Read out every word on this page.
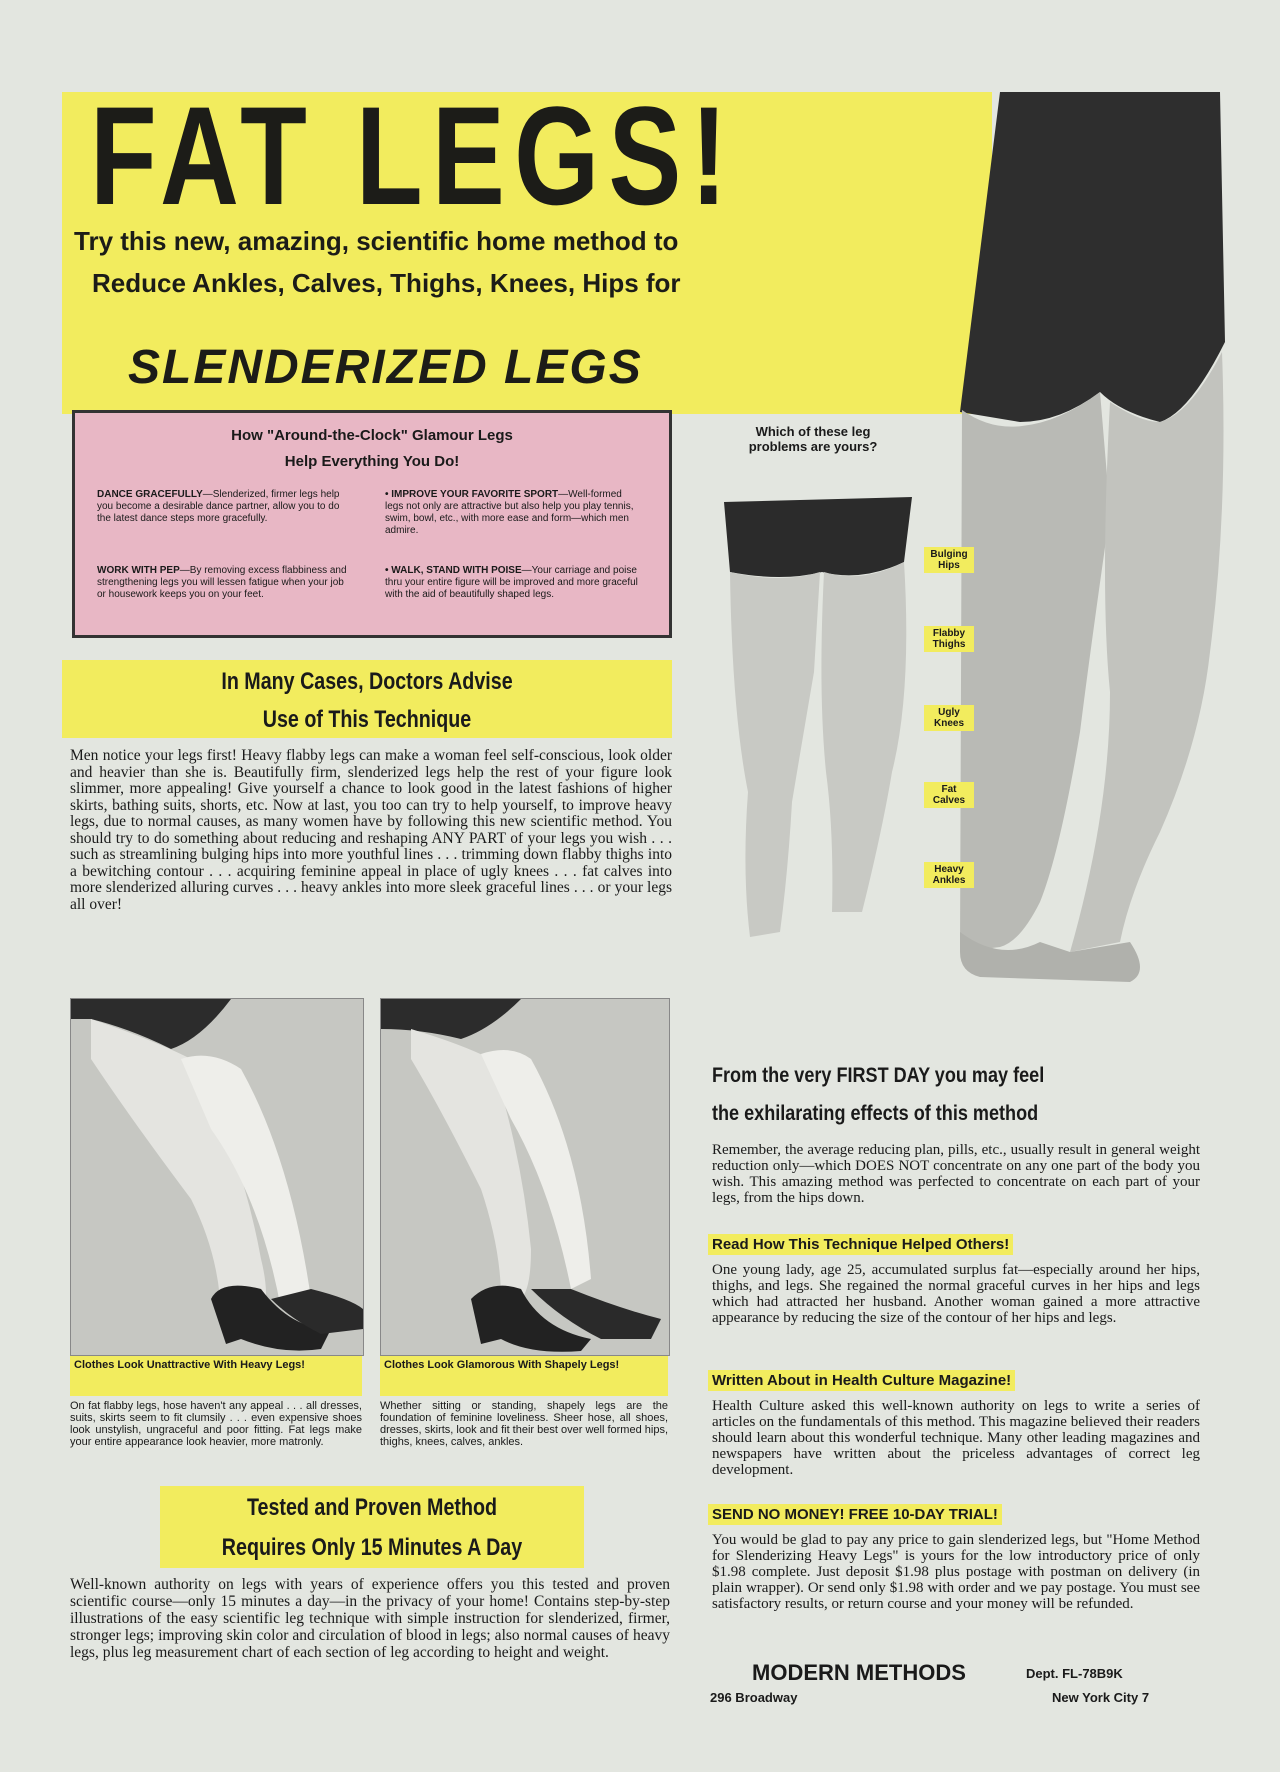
FAT LEGS!
Try this new, amazing, scientific home method to
Reduce Ankles, Calves, Thighs, Knees, Hips for
SLENDERIZED LEGS
Which of these leg problems are yours?
Bulging Hips
Flabby Thighs
Ugly Knees
Fat Calves
Heavy Ankles
How "Around-the-Clock" Glamour Legs
Help Everything You Do!
DANCE GRACEFULLY—Slenderized, firmer legs help you become a desirable dance partner, allow you to do the latest dance steps more gracefully.
WORK WITH PEP—By removing excess flabbiness and strengthening legs you will lessen fatigue when your job or housework keeps you on your feet.
• IMPROVE YOUR FAVORITE SPORT—Well-formed legs not only are attractive but also help you play tennis, swim, bowl, etc., with more ease and form—which men admire.
• WALK, STAND WITH POISE—Your carriage and poise thru your entire figure will be improved and more graceful with the aid of beautifully shaped legs.
In Many Cases, Doctors Advise
Use of This Technique
Men notice your legs first! Heavy flabby legs can make a woman feel self-conscious, look older and heavier than she is. Beautifully firm, slenderized legs help the rest of your figure look slimmer, more appealing! Give yourself a chance to look good in the latest fashions of higher skirts, bathing suits, shorts, etc. Now at last, you too can try to help yourself, to improve heavy legs, due to normal causes, as many women have by following this new scientific method. You should try to do something about reducing and reshaping ANY PART of your legs you wish . . . such as streamlining bulging hips into more youthful lines . . . trimming down flabby thighs into a bewitching contour . . . acquiring feminine appeal in place of ugly knees . . . fat calves into more slenderized alluring curves . . . heavy ankles into more sleek graceful lines . . . or your legs all over!
Clothes Look Unattractive With Heavy Legs!	Clothes Look Glamorous With Shapely Legs!
On fat flabby legs, hose haven't any appeal . . . all dresses, suits, skirts seem to fit clumsily . . . even expensive shoes look unstylish, ungraceful and poor fitting. Fat legs make your entire appearance look heavier, more matronly.
Whether sitting or standing, shapely legs are the foundation of feminine loveliness. Sheer hose, all shoes, dresses, skirts, look and fit their best over well formed hips, thighs, knees, calves, ankles.
Tested and Proven Method
Requires Only 15 Minutes A Day
Well-known authority on legs with years of experience offers you this tested and proven scientific course—only 15 minutes a day—in the privacy of your home! Contains step-by-step illustrations of the easy scientific leg technique with simple instruction for slenderized, firmer, stronger legs; improving skin color and circulation of blood in legs; also normal causes of heavy legs, plus leg measurement chart of each section of leg according to height and weight.
From the very FIRST DAY you may feel
the exhilarating effects of this method
Remember, the average reducing plan, pills, etc., usually result in general weight reduction only—which DOES NOT concentrate on any one part of the body you wish. This amazing method was perfected to concentrate on each part of your legs, from the hips down.
Read How This Technique Helped Others!
One young lady, age 25, accumulated surplus fat—especially around her hips, thighs, and legs. She regained the normal graceful curves in her hips and legs which had attracted her husband. Another woman gained a more attractive appearance by reducing the size of the contour of her hips and legs.
Written About in Health Culture Magazine!
Health Culture asked this well-known authority on legs to write a series of articles on the fundamentals of this method. This magazine believed their readers should learn about this wonderful technique. Many other leading magazines and newspapers have written about the priceless advantages of correct leg development.
SEND NO MONEY! FREE 10-DAY TRIAL!
You would be glad to pay any price to gain slenderized legs, but "Home Method for Slenderizing Heavy Legs" is yours for the low introductory price of only $1.98 complete. Just deposit $1.98 plus postage with postman on delivery (in plain wrapper). Or send only $1.98 with order and we pay postage. You must see satisfactory results, or return course and your money will be refunded.
MODERN METHODS	Dept. FL-78B9K
296 Broadway	New York City 7
